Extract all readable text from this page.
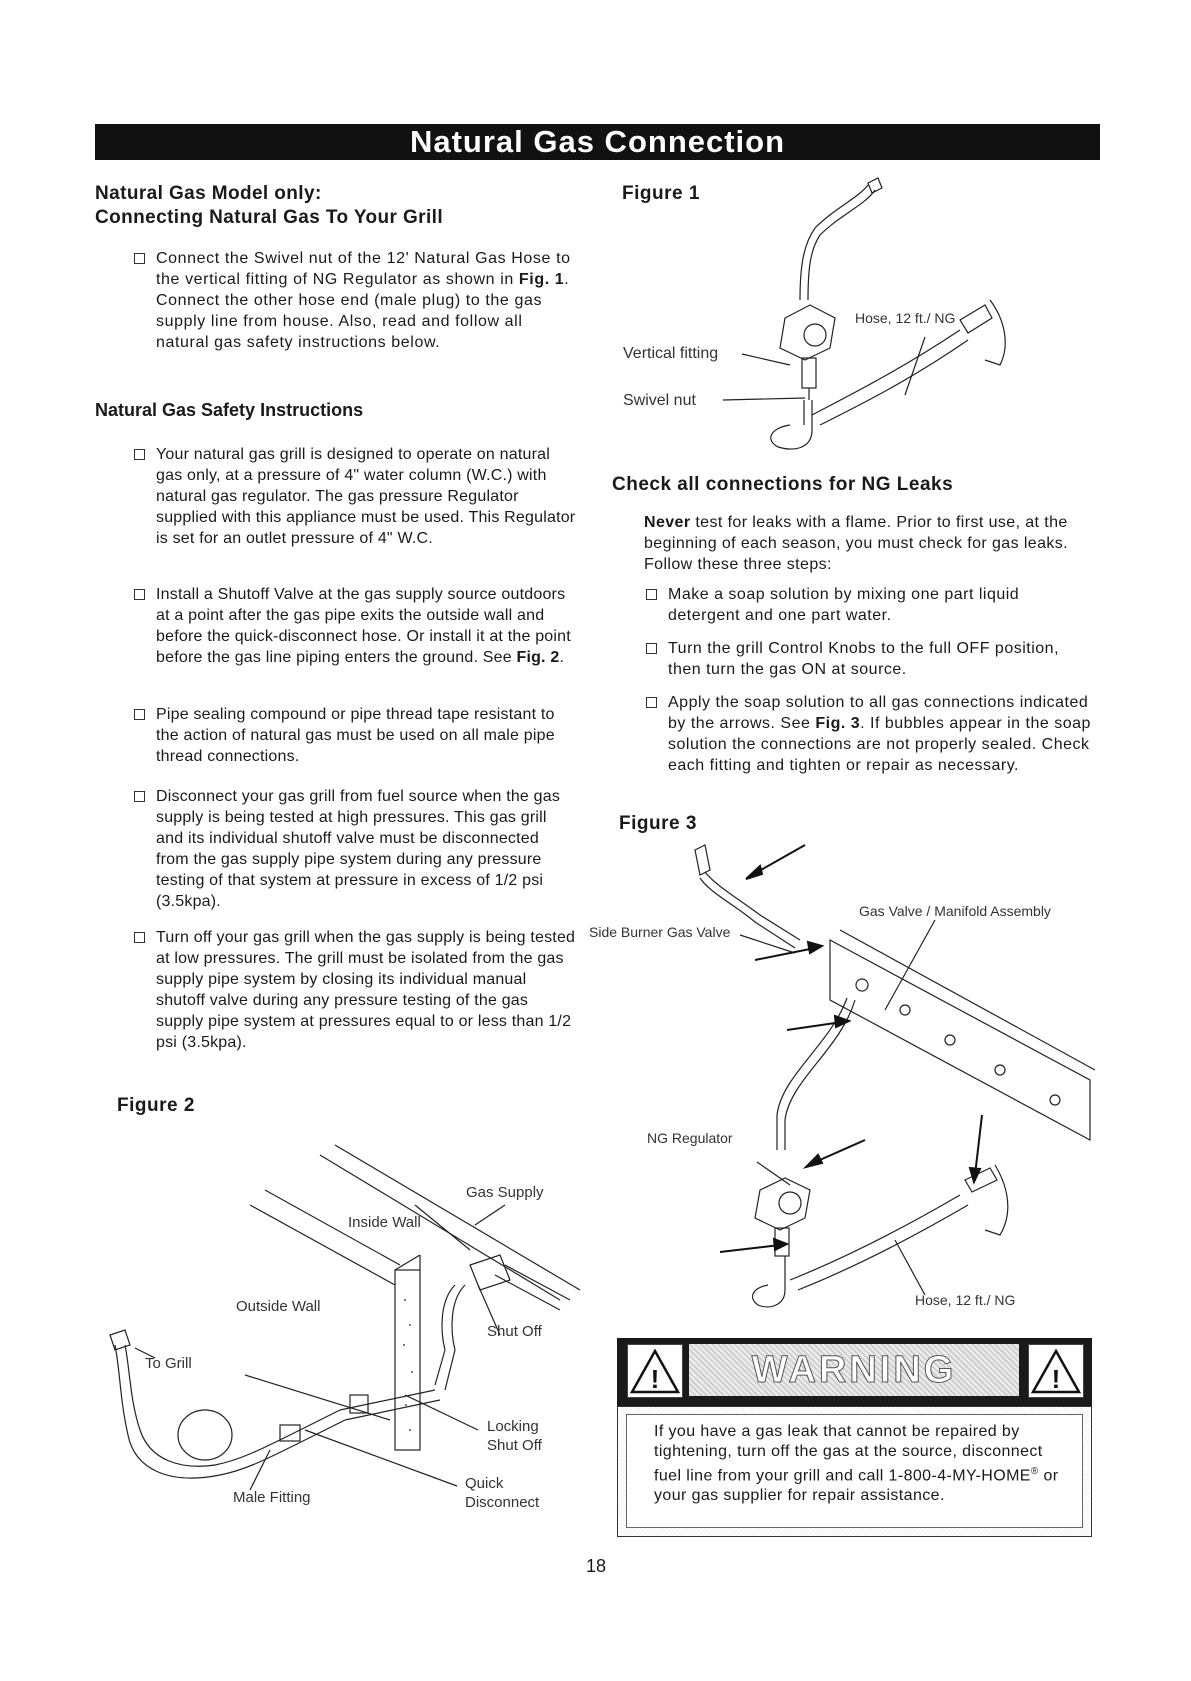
Natural Gas Connection
Natural Gas Model only:
Connecting Natural Gas To Your Grill
Connect the Swivel nut of the 12' Natural Gas Hose to the vertical fitting of NG Regulator as shown in Fig. 1. Connect the other hose end (male plug) to the gas supply line from house. Also, read and follow all natural gas safety instructions below.
Natural Gas Safety Instructions
Your natural gas grill is designed to operate on natural gas only, at a pressure of 4" water column (W.C.) with natural gas regulator. The gas pressure Regulator supplied with this appliance must be used. This Regulator is set for an outlet pressure of 4" W.C.
Install a Shutoff Valve at the gas supply source outdoors at a point after the gas pipe exits the outside wall and before the quick-disconnect hose. Or install it at the point before the gas line piping enters the ground. See Fig. 2.
Pipe sealing compound or pipe thread tape resistant to the action of natural gas must be used on all male pipe thread connections.
Disconnect your gas grill from fuel source when the gas supply is being tested at high pressures. This gas grill and its individual shutoff valve must be disconnected from the gas supply pipe system during any pressure testing of that system at pressure in excess of 1/2 psi (3.5kpa).
Turn off your gas grill when the gas supply is being tested at low pressures. The grill must be isolated from the gas supply pipe system by closing its individual manual shutoff valve during any pressure testing of the gas supply pipe system at pressures equal to or less than 1/2 psi (3.5kpa).
Figure 2
Gas Supply
Inside Wall
Outside Wall
Shut Off
To Grill
Locking
Shut Off
Quick
Disconnect
Male Fitting
Figure 1
Hose, 12 ft./ NG
Vertical fitting
Swivel nut
Check all connections for NG Leaks
Never test for leaks with a flame. Prior to first use, at the beginning of each season, you must check for gas leaks. Follow these three steps:
Make a soap solution by mixing one part liquid detergent and one part water.
Turn the grill Control Knobs to the full OFF position, then turn the gas ON at source.
Apply the soap solution to all gas connections indicated by the arrows. See Fig. 3. If bubbles appear in the soap solution the connections are not properly sealed. Check each fitting and tighten or repair as necessary.
Figure 3
Side Burner Gas Valve
Gas Valve / Manifold Assembly
NG Regulator
Hose, 12 ft./ NG
!	WARNING	!
If you have a gas leak that cannot be repaired by tightening, turn off the gas at the source, disconnect fuel line from your grill and call 1-800-4-MY-HOME® or your gas supplier for repair assistance.
18
